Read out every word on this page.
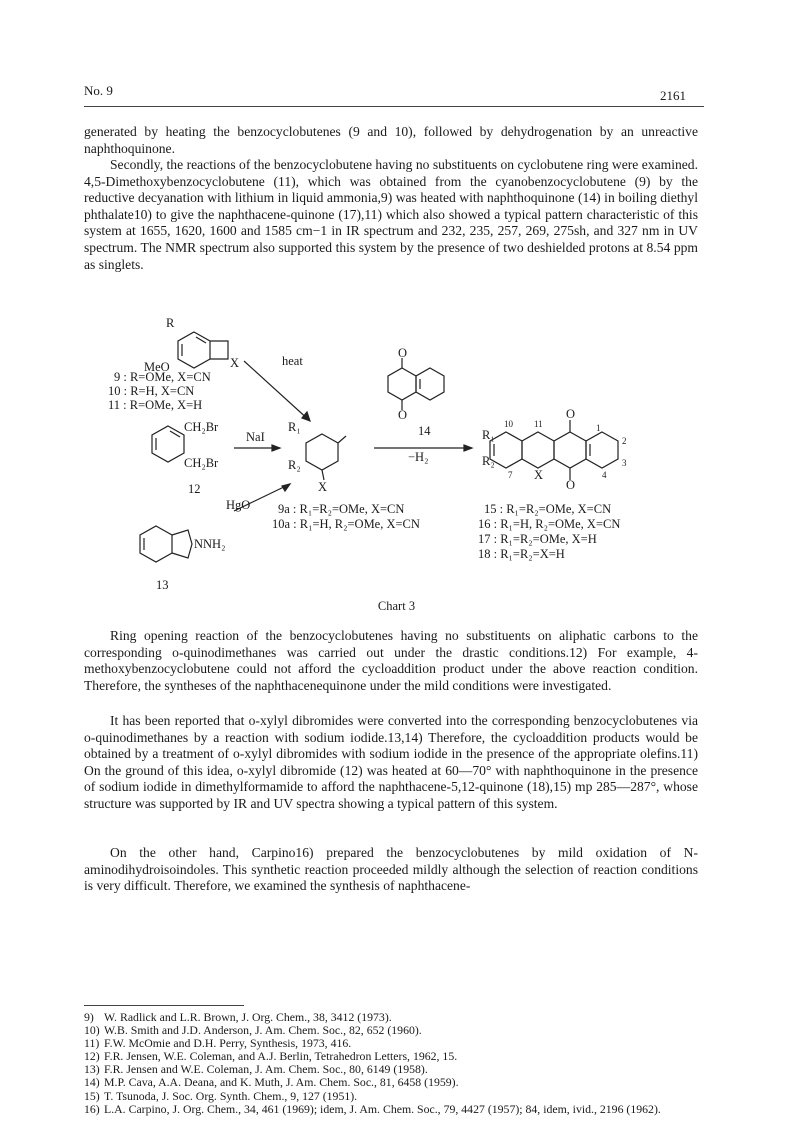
No. 9	2161

generated by heating the benzocyclobutenes (9 and 10), followed by dehydrogenation by an unreactive naphthoquinone.

Secondly, the reactions of the benzocyclobutene having no substituents on cyclobutene ring were examined. 4,5-Dimethoxybenzocyclobutene (11), which was obtained from the cyanobenzocyclobutene (9) by the reductive decyanation with lithium in liquid ammonia,9) was heated with naphthoquinone (14) in boiling diethyl phthalate10) to give the naphthacene-quinone (17),11) which also showed a typical pattern characteristic of this system at 1655, 1620, 1600 and 1585 cm−1 in IR spectrum and 232, 235, 257, 269, 275sh, and 327 nm in UV spectrum. The NMR spectrum also supported this system by the presence of two deshielded protons at 8.54 ppm as singlets.

R
MeO	X	heat
9 : R=OMe, X=CN
10 : R=H, X=CN
11 : R=OMe, X=H
CH₂Br
CH₂Br
NaI
12
HgO
NNH₂
13
R₁
R₂
X
O
O
14
−H₂
9a : R₁=R₂=OMe, X=CN
10a : R₁=H, R₂=OMe, X=CN
R₁
R₂
X
O
O
10 11	1
2
3
4
7
15 : R₁=R₂=OMe, X=CN
16 : R₁=H, R₂=OMe, X=CN
17 : R₁=R₂=OMe, X=H
18 : R₁=R₂=X=H
Chart 3

Ring opening reaction of the benzocyclobutenes having no substituents on aliphatic carbons to the corresponding o-quinodimethanes was carried out under the drastic conditions.12) For example, 4-methoxybenzocyclobutene could not afford the cycloaddition product under the above reaction condition. Therefore, the syntheses of the naphthacenequinone under the mild conditions were investigated.

It has been reported that o-xylyl dibromides were converted into the corresponding benzocyclobutenes via o-quinodimethanes by a reaction with sodium iodide.13,14) Therefore, the cycloaddition products would be obtained by a treatment of o-xylyl dibromides with sodium iodide in the presence of the appropriate olefins.11) On the ground of this idea, o-xylyl dibromide (12) was heated at 60—70° with naphthoquinone in the presence of sodium iodide in dimethylformamide to afford the naphthacene-5,12-quinone (18),15) mp 285—287°, whose structure was supported by IR and UV spectra showing a typical pattern of this system.

On the other hand, Carpino16) prepared the benzocyclobutenes by mild oxidation of N-aminodihydroisoindoles. This synthetic reaction proceeded mildly although the selection of reaction conditions is very difficult. Therefore, we examined the synthesis of naphthacene-

9) W. Radlick and L.R. Brown, J. Org. Chem., 38, 3412 (1973).

10) W.B. Smith and J.D. Anderson, J. Am. Chem. Soc., 82, 652 (1960).

11) F.W. McOmie and D.H. Perry, Synthesis, 1973, 416.

12) F.R. Jensen, W.E. Coleman, and A.J. Berlin, Tetrahedron Letters, 1962, 15.

13) F.R. Jensen and W.E. Coleman, J. Am. Chem. Soc., 80, 6149 (1958).

14) M.P. Cava, A.A. Deana, and K. Muth, J. Am. Chem. Soc., 81, 6458 (1959).

15) T. Tsunoda, J. Soc. Org. Synth. Chem., 9, 127 (1951).

16) L.A. Carpino, J. Org. Chem., 34, 461 (1969); idem, J. Am. Chem. Soc., 79, 4427 (1957); 84, idem, ivid., 2196 (1962).
